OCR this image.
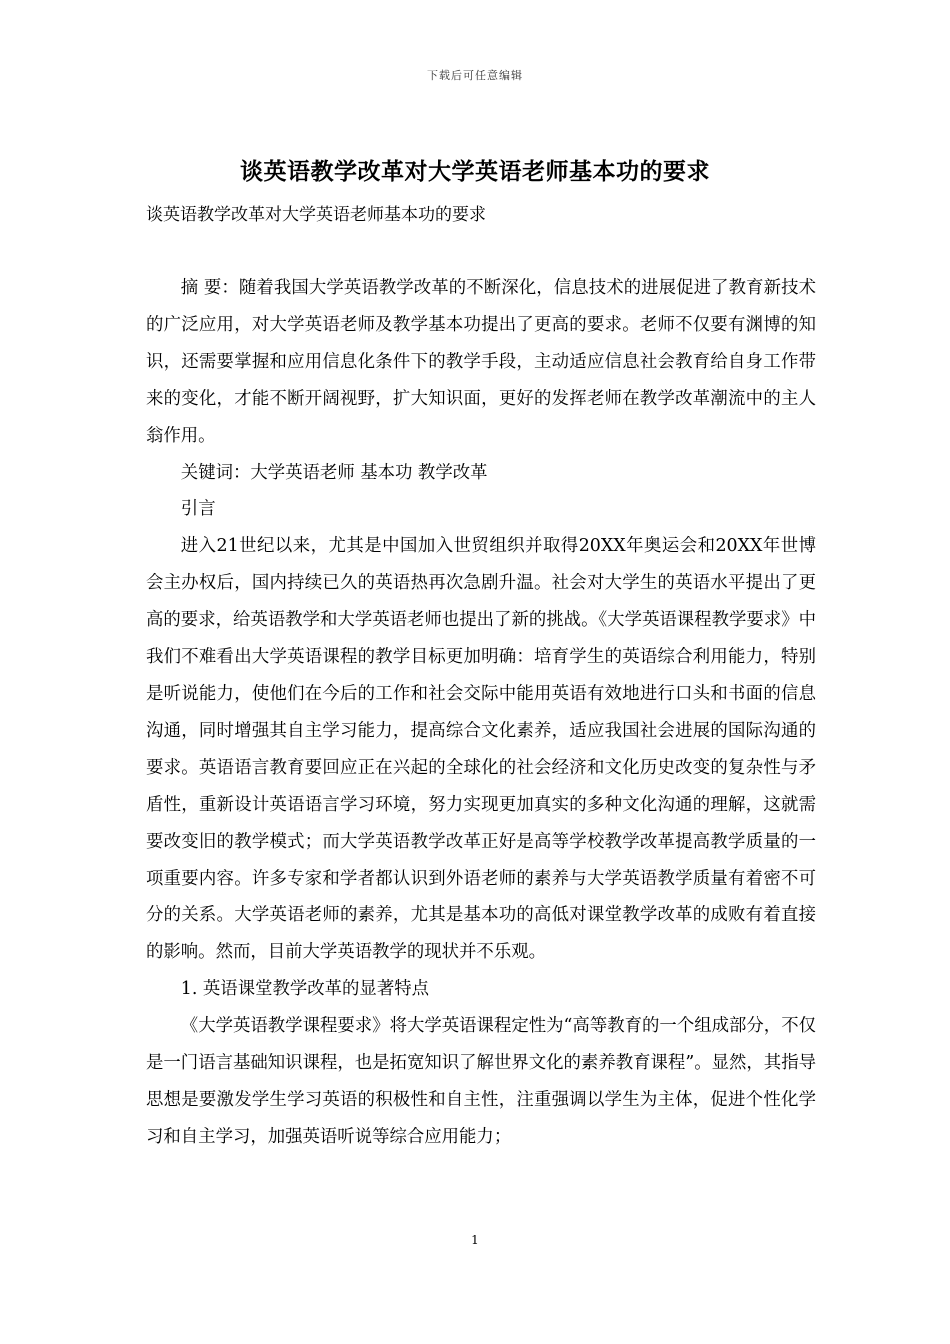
下载后可任意编辑
谈英语教学改革对大学英语老师基本功的要求
谈英语教学改革对大学英语老师基本功的要求

摘 要：随着我国大学英语教学改革的不断深化，信息技术的进展促进了教育新技术的广泛应用，对大学英语老师及教学基本功提出了更高的要求。老师不仅要有渊博的知识，还需要掌握和应用信息化条件下的教学手段，主动适应信息社会教育给自身工作带来的变化，才能不断开阔视野，扩大知识面，更好的发挥老师在教学改革潮流中的主人翁作用。

关键词：大学英语老师 基本功 教学改革

引言

进入21世纪以来，尤其是中国加入世贸组织并取得20XX年奥运会和20XX年世博会主办权后，国内持续已久的英语热再次急剧升温。社会对大学生的英语水平提出了更高的要求，给英语教学和大学英语老师也提出了新的挑战。《大学英语课程教学要求》中我们不难看出大学英语课程的教学目标更加明确：培育学生的英语综合利用能力，特别是听说能力，使他们在今后的工作和社会交际中能用英语有效地进行口头和书面的信息沟通，同时增强其自主学习能力，提高综合文化素养，适应我国社会进展的国际沟通的要求。英语语言教育要回应正在兴起的全球化的社会经济和文化历史改变的复杂性与矛盾性，重新设计英语语言学习环境，努力实现更加真实的多种文化沟通的理解，这就需要改变旧的教学模式；而大学英语教学改革正好是高等学校教学改革提高教学质量的一项重要内容。许多专家和学者都认识到外语老师的素养与大学英语教学质量有着密不可分的关系。大学英语老师的素养，尤其是基本功的高低对课堂教学改革的成败有着直接的影响。然而，目前大学英语教学的现状并不乐观。

1. 英语课堂教学改革的显著特点

《大学英语教学课程要求》将大学英语课程定性为“高等教育的一个组成部分，不仅是一门语言基础知识课程，也是拓宽知识了解世界文化的素养教育课程”。显然，其指导思想是要激发学生学习英语的积极性和自主性，注重强调以学生为主体，促进个性化学习和自主学习，加强英语听说等综合应用能力；

1
